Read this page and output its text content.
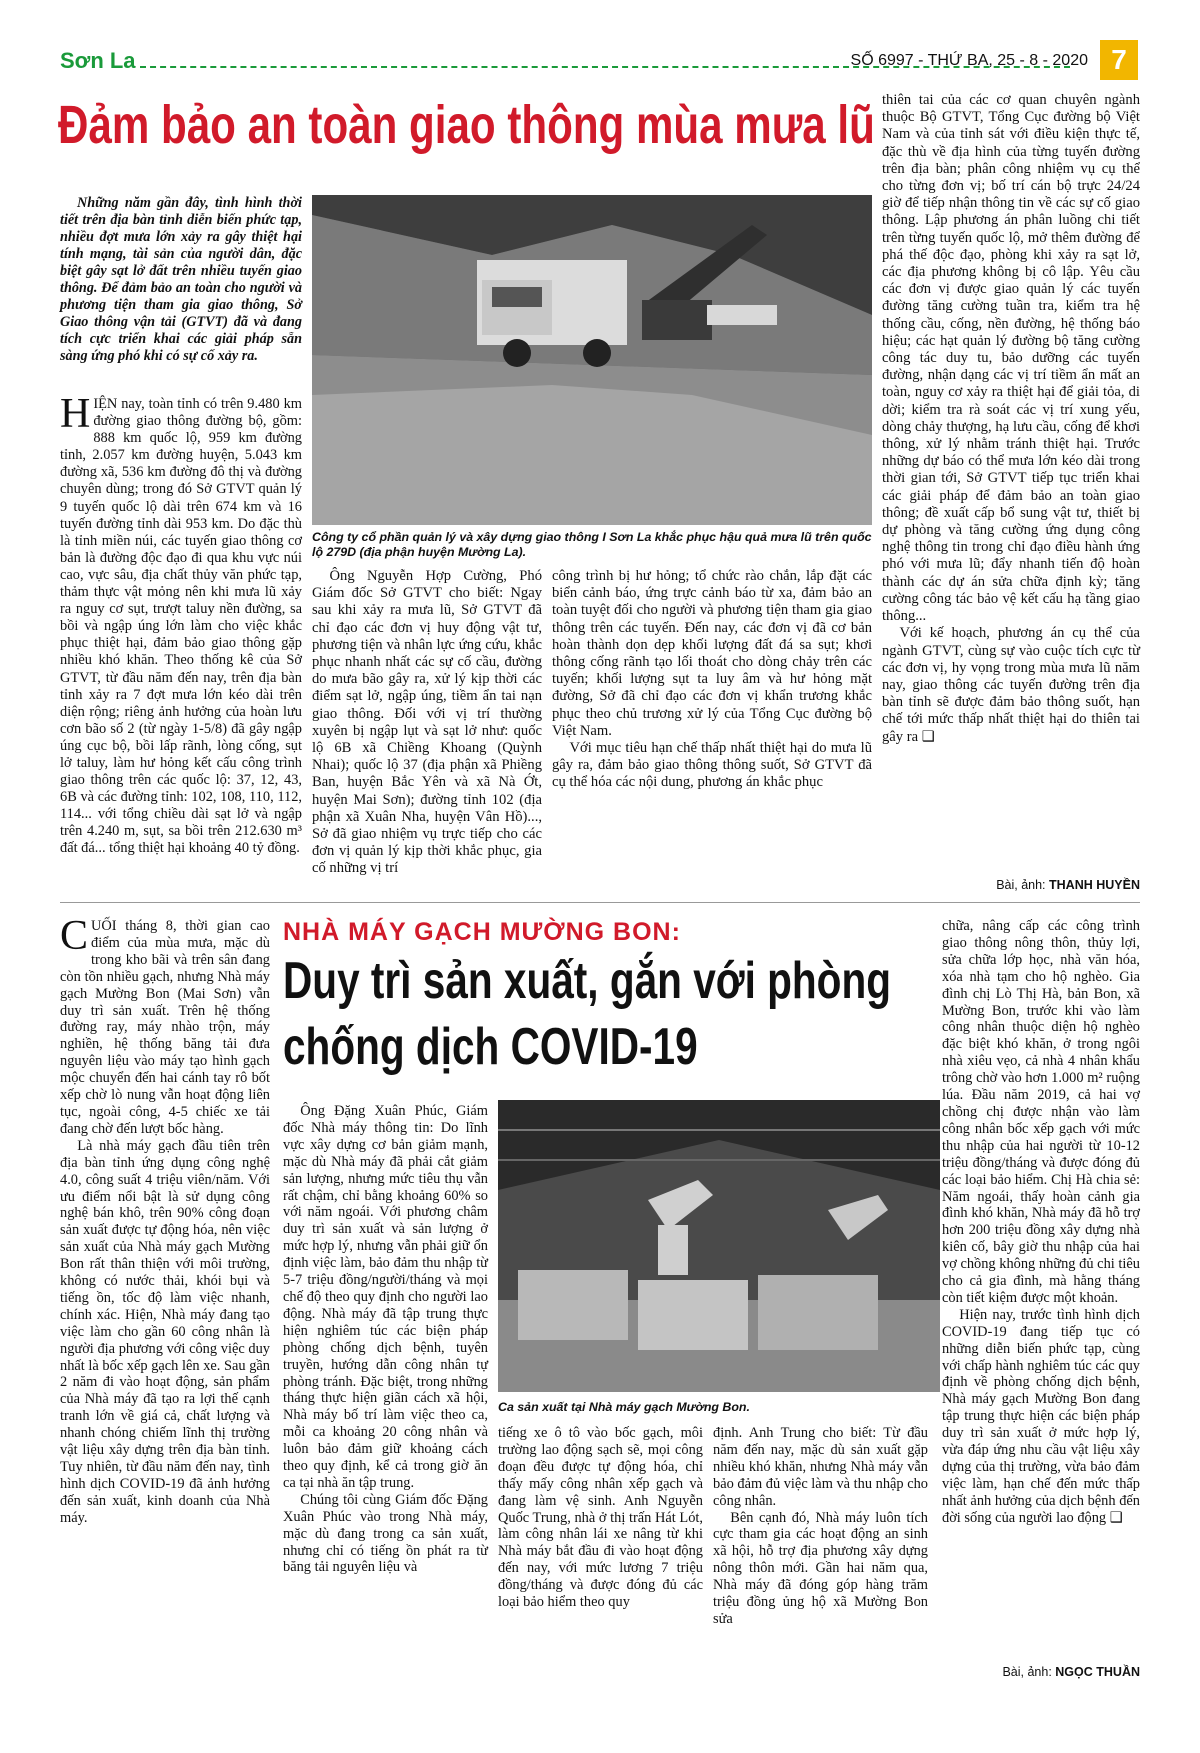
Sơn La	SỐ 6997 - THỨ BA, 25 - 8 - 2020 7
Đảm bảo an toàn giao thông mùa mưa lũ
Những năm gần đây, tình hình thời tiết trên địa bàn tỉnh diễn biến phức tạp, nhiều đợt mưa lớn xảy ra gây thiệt hại tính mạng, tài sản của người dân, đặc biệt gây sạt lở đất trên nhiều tuyến giao thông. Để đảm bảo an toàn cho người và phương tiện tham gia giao thông, Sở Giao thông vận tải (GTVT) đã và đang tích cực triển khai các giải pháp sẵn sàng ứng phó khi có sự cố xảy ra.
HIỆN nay, toàn tỉnh có trên 9.480 km đường giao thông đường bộ, gồm: 888 km quốc lộ, 959 km đường tỉnh, 2.057 km đường huyện, 5.043 km đường xã, 536 km đường đô thị và đường chuyên dùng; trong đó Sở GTVT quản lý 9 tuyến quốc lộ dài trên 674 km và 16 tuyến đường tỉnh dài 953 km. Do đặc thù là tỉnh miền núi, các tuyến giao thông cơ bản là đường độc đạo đi qua khu vực núi cao, vực sâu, địa chất thủy văn phức tạp, thảm thực vật mỏng nên khi mưa lũ xảy ra nguy cơ sụt, trượt taluy nền đường, sa bồi và ngập úng lớn làm cho việc khắc phục thiệt hại, đảm bảo giao thông gặp nhiều khó khăn. Theo thống kê của Sở GTVT, từ đầu năm đến nay, trên địa bàn tỉnh xảy ra 7 đợt mưa lớn kéo dài trên diện rộng; riêng ảnh hưởng của hoàn lưu cơn bão số 2 (từ ngày 1-5/8) đã gây ngập úng cục bộ, bồi lấp rãnh, lòng cống, sụt lở taluy, làm hư hỏng kết cấu công trình giao thông trên các quốc lộ: 37, 12, 43, 6B và các đường tỉnh: 102, 108, 110, 112, 114... với tổng chiều dài sạt lở và ngập trên 4.240 m, sụt, sa bồi trên 212.630 m³ đất đá... tổng thiệt hại khoảng 40 tỷ đồng.
Công ty cổ phần quản lý và xây dựng giao thông I Sơn La khắc phục hậu quả mưa lũ trên quốc lộ 279D (địa phận huyện Mường La).

Ông Nguyễn Hợp Cường, Phó Giám đốc Sở GTVT cho biết: Ngay sau khi xảy ra mưa lũ, Sở GTVT đã chỉ đạo các đơn vị huy động vật tư, phương tiện và nhân lực ứng cứu, khắc phục nhanh nhất các sự cố cầu, đường do mưa bão gây ra, xử lý kịp thời các điểm sạt lở, ngập úng, tiềm ẩn tai nạn giao thông. Đối với vị trí thường xuyên bị ngập lụt và sạt lở như: quốc lộ 6B xã Chiềng Khoang (Quỳnh Nhai); quốc lộ 37 (địa phận xã Phiềng Ban, huyện Bắc Yên và xã Nà Ớt, huyện Mai Sơn); đường tỉnh 102 (địa phận xã Xuân Nha, huyện Vân Hồ)..., Sở đã giao nhiệm vụ trực tiếp cho các đơn vị quản lý kịp thời khắc phục, gia cố những vị trí

công trình bị hư hỏng; tổ chức rào chắn, lắp đặt các biển cảnh báo, ứng trực cảnh báo từ xa, đảm bảo an toàn tuyệt đối cho người và phương tiện tham gia giao thông trên các tuyến. Đến nay, các đơn vị đã cơ bản hoàn thành dọn dẹp khối lượng đất đá sa sụt; khơi thông cống rãnh tạo lối thoát cho dòng chảy trên các tuyến; khối lượng sụt ta luy âm và hư hỏng mặt đường, Sở đã chỉ đạo các đơn vị khẩn trương khắc phục theo chủ trương xử lý của Tổng Cục đường bộ Việt Nam.

Với mục tiêu hạn chế thấp nhất thiệt hại do mưa lũ gây ra, đảm bảo giao thông thông suốt, Sở GTVT đã cụ thể hóa các nội dung, phương án khắc phục

thiên tai của các cơ quan chuyên ngành thuộc Bộ GTVT, Tổng Cục đường bộ Việt Nam và của tỉnh sát với điều kiện thực tế, đặc thù về địa hình của từng tuyến đường trên địa bàn; phân công nhiệm vụ cụ thể cho từng đơn vị; bố trí cán bộ trực 24/24 giờ để tiếp nhận thông tin về các sự cố giao thông. Lập phương án phân luồng chi tiết trên từng tuyến quốc lộ, mở thêm đường để phá thế độc đạo, phòng khi xảy ra sạt lở, các địa phương không bị cô lập. Yêu cầu các đơn vị được giao quản lý các tuyến đường tăng cường tuần tra, kiểm tra hệ thống cầu, cống, nền đường, hệ thống báo hiệu; các hạt quản lý đường bộ tăng cường công tác duy tu, bảo dưỡng các tuyến đường, nhận dạng các vị trí tiềm ẩn mất an toàn, nguy cơ xảy ra thiệt hại để giải tỏa, di dời; kiểm tra rà soát các vị trí xung yếu, dòng chảy thượng, hạ lưu cầu, cống để khơi thông, xử lý nhằm tránh thiệt hại. Trước những dự báo có thể mưa lớn kéo dài trong thời gian tới, Sở GTVT tiếp tục triển khai các giải pháp để đảm bảo an toàn giao thông; đề xuất cấp bổ sung vật tư, thiết bị dự phòng và tăng cường ứng dụng công nghệ thông tin trong chỉ đạo điều hành ứng phó với mưa lũ; đẩy nhanh tiến độ hoàn thành các dự án sửa chữa định kỳ; tăng cường công tác bảo vệ kết cấu hạ tầng giao thông...

Với kế hoạch, phương án cụ thể của ngành GTVT, cùng sự vào cuộc tích cực từ các đơn vị, hy vọng trong mùa mưa lũ năm nay, giao thông các tuyến đường trên địa bàn tỉnh sẽ được đảm bảo thông suốt, hạn chế tới mức thấp nhất thiệt hại do thiên tai gây ra ❑

Bài, ảnh: THANH HUYỀN
NHÀ MÁY GẠCH MƯỜNG BON:
Duy trì sản xuất, gắn với phòng chống dịch COVID-19

CUỐI tháng 8, thời gian cao điểm của mùa mưa, mặc dù trong kho bãi và trên sân đang còn tồn nhiều gạch, nhưng Nhà máy gạch Mường Bon (Mai Sơn) vẫn duy trì sản xuất. Trên hệ thống đường ray, máy nhào trộn, máy nghiền, hệ thống băng tải đưa nguyên liệu vào máy tạo hình gạch mộc chuyển đến hai cánh tay rô bốt xếp chờ lò nung vẫn hoạt động liên tục, ngoài công, 4-5 chiếc xe tải đang chờ đến lượt bốc hàng.

Là nhà máy gạch đầu tiên trên địa bàn tỉnh ứng dụng công nghệ 4.0, công suất 4 triệu viên/năm. Với ưu điểm nổi bật là sử dụng công nghệ bán khô, trên 90% công đoạn sản xuất được tự động hóa, nên việc sản xuất của Nhà máy gạch Mường Bon rất thân thiện với môi trường, không có nước thải, khói bụi và tiếng ồn, tốc độ làm việc nhanh, chính xác. Hiện, Nhà máy đang tạo việc làm cho gần 60 công nhân là người địa phương với công việc duy nhất là bốc xếp gạch lên xe. Sau gần 2 năm đi vào hoạt động, sản phẩm của Nhà máy đã tạo ra lợi thế cạnh tranh lớn về giá cả, chất lượng và nhanh chóng chiếm lĩnh thị trường vật liệu xây dựng trên địa bàn tỉnh. Tuy nhiên, từ đầu năm đến nay, tình hình dịch COVID-19 đã ảnh hưởng đến sản xuất, kinh doanh của Nhà máy.

Ông Đặng Xuân Phúc, Giám đốc Nhà máy thông tin: Do lĩnh vực xây dựng cơ bản giảm mạnh, mặc dù Nhà máy đã phải cắt giảm sản lượng, nhưng mức tiêu thụ vẫn rất chậm, chỉ bằng khoảng 60% so với năm ngoái. Với phương châm duy trì sản xuất và sản lượng ở mức hợp lý, nhưng vẫn phải giữ ổn định việc làm, bảo đảm thu nhập từ 5-7 triệu đồng/người/tháng và mọi chế độ theo quy định cho người lao động. Nhà máy đã tập trung thực hiện nghiêm túc các biện pháp phòng chống dịch bệnh, tuyên truyền, hướng dẫn công nhân tự phòng tránh. Đặc biệt, trong những tháng thực hiện giãn cách xã hội, Nhà máy bố trí làm việc theo ca, mỗi ca khoảng 20 công nhân và luôn bảo đảm giữ khoảng cách theo quy định, kể cả trong giờ ăn ca tại nhà ăn tập trung.

Chúng tôi cùng Giám đốc Đặng Xuân Phúc vào trong Nhà máy, mặc dù đang trong ca sản xuất, nhưng chỉ có tiếng ồn phát ra từ băng tải nguyên liệu và

Ca sản xuất tại Nhà máy gạch Mường Bon.

tiếng xe ô tô vào bốc gạch, môi trường lao động sạch sẽ, mọi công đoạn đều được tự động hóa, chỉ thấy mấy công nhân xếp gạch và đang làm vệ sinh. Anh Nguyễn Quốc Trung, nhà ở thị trấn Hát Lót, làm công nhân lái xe nâng từ khi Nhà máy bắt đầu đi vào hoạt động đến nay, với mức lương 7 triệu đồng/tháng và được đóng đủ các loại bảo hiểm theo quy

định. Anh Trung cho biết: Từ đầu năm đến nay, mặc dù sản xuất gặp nhiều khó khăn, nhưng Nhà máy vẫn bảo đảm đủ việc làm và thu nhập cho công nhân.

Bên cạnh đó, Nhà máy luôn tích cực tham gia các hoạt động an sinh xã hội, hỗ trợ địa phương xây dựng nông thôn mới. Gần hai năm qua, Nhà máy đã đóng góp hàng trăm triệu đồng ủng hộ xã Mường Bon sửa

chữa, nâng cấp các công trình giao thông nông thôn, thủy lợi, sửa chữa lớp học, nhà văn hóa, xóa nhà tạm cho hộ nghèo. Gia đình chị Lò Thị Hà, bản Bon, xã Mường Bon, trước khi vào làm công nhân thuộc diện hộ nghèo đặc biệt khó khăn, ở trong ngôi nhà xiêu vẹo, cả nhà 4 nhân khẩu trông chờ vào hơn 1.000 m² ruộng lúa. Đầu năm 2019, cả hai vợ chồng chị được nhận vào làm công nhân bốc xếp gạch với mức thu nhập của hai người từ 10-12 triệu đồng/tháng và được đóng đủ các loại bảo hiểm. Chị Hà chia sẻ: Năm ngoái, thấy hoàn cảnh gia đình khó khăn, Nhà máy đã hỗ trợ hơn 200 triệu đồng xây dựng nhà kiên cố, bây giờ thu nhập của hai vợ chồng không những đủ chi tiêu cho cả gia đình, mà hằng tháng còn tiết kiệm được một khoản.

Hiện nay, trước tình hình dịch COVID-19 đang tiếp tục có những diễn biến phức tạp, cùng với chấp hành nghiêm túc các quy định về phòng chống dịch bệnh, Nhà máy gạch Mường Bon đang tập trung thực hiện các biện pháp duy trì sản xuất ở mức hợp lý, vừa đáp ứng nhu cầu vật liệu xây dựng của thị trường, vừa bảo đảm việc làm, hạn chế đến mức thấp nhất ảnh hưởng của dịch bệnh đến đời sống của người lao động ❑

Bài, ảnh: NGỌC THUẦN
